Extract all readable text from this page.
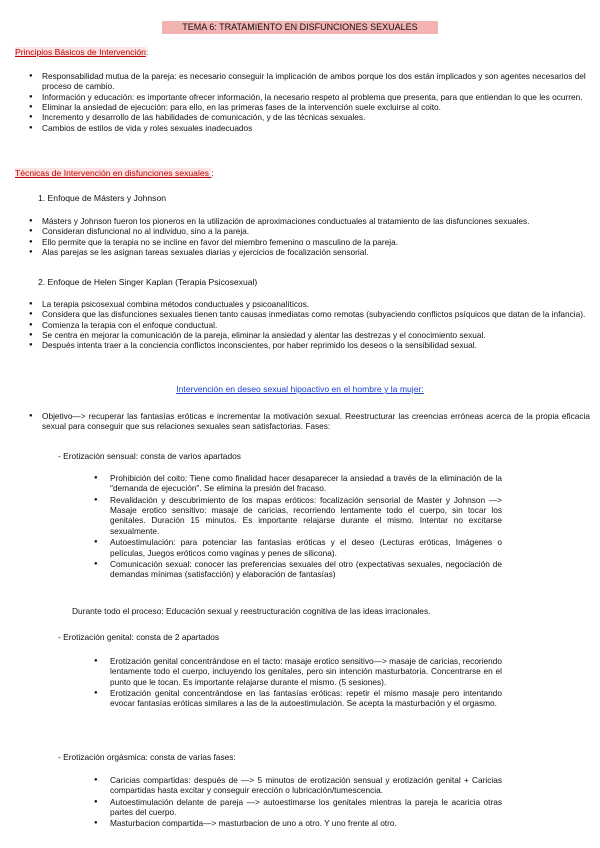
TEMA 6: TRATAMIENTO EN DISFUNCIONES SEXUALES
Principios Básicos de Intervención:
● Responsabilidad mutua de la pareja: es necesario conseguir la implicación de ambos porque los dos están implicados y son agentes necesarios del proceso de cambio.
● Información y educación: es importante ofrecer información, la necesario respeto al problema que presenta, para que entiendan lo que les ocurren.
● Eliminar la ansiedad de ejecución: para ello, en las primeras fases de la intervención suele excluirse al coito.
● Incremento y desarrollo de las habilidades de comunicación, y de las técnicas sexuales.
● Cambios de estilos de vida y roles sexuales inadecuados
Técnicas de Intervención en disfunciones sexuales :
1. Enfoque de Másters y Johnson
● Másters y Johnson fueron los pioneros en la utilización de aproximaciones conductuales al tratamiento de las disfunciones sexuales.
● Consideran disfuncional no al individuo, sino a la pareja.
● Ello permite que la terapia no se incline en favor del miembro femenino o masculino de la pareja.
● Alas parejas se les asignan tareas sexuales diarias y ejercicios de focalización sensorial.
2. Enfoque de Helen Singer Kaplan (Terapia Psicosexual)
● La terapia psicosexual combina métodos conductuales y psicoanalíticos.
● Considera que las disfunciones sexuales tienen tanto causas inmediatas como remotas (subyaciendo conflictos psíquicos que datan de la infancia).
● Comienza la terapia con el enfoque conductual.
● Se centra en mejorar la comunicación de la pareja, eliminar la ansiedad y alentar las destrezas y el conocimiento sexual.
● Después intenta traer a la conciencia conflictos inconscientes, por haber reprimido los deseos o la sensibilidad sexual.
Intervención en deseo sexual hipoactivo en el hombre y la mujer:
● Objetivo—> recuperar las fantasías eróticas e incrementar la motivación sexual. Reestructurar las creencias erróneas acerca de la propia eficacia sexual para conseguir que sus relaciones sexuales sean satisfactorias. Fases:
- Erotización sensual: consta de varios apartados
● Prohibición del coito: Tiene como finalidad hacer desaparecer la ansiedad a través de la eliminación de la "demanda de ejecución". Se elimina la presión del fracaso.
● Revalidación y descubrimiento de los mapas eróticos: focalización sensorial de Master y Johnson —> Masaje erotico sensitivo: masaje de caricias, recorriendo lentamente todo el cuerpo, sin tocar los genitales. Duración 15 minutos. Es importante relajarse durante el mismo. Intentar no excitarse sexualmente.
● Autoestimulación: para potenciar las fantasías eróticas y el deseo (Lecturas eróticas, Imágenes o películas, Juegos eróticos como vaginas y penes de silicona).
● Comunicación sexual: conocer las preferencias sexuales del otro (expectativas sexuales, negociación de demandas mínimas (satisfacción) y elaboración de fantasías)
Durante todo el proceso: Educación sexual y reestructuración cognitiva de las ideas irracionales.
- Erotización genital: consta de 2 apartados
● Erotización genital concentrándose en el tacto: masaje erotico sensitivo—> masaje de caricias, recoriendo lentamente todo el cuerpo, incluyendo los genitales, pero sin intención masturbatoria. Concentrarse en el punto que le tocan. Es importante relajarse durante el mismo. (5 sesiones).
● Erotización genital concentrándose en las fantasías eróticas: repetir el mismo masaje pero intentando evocar fantasías eróticas similares a las de la autoestimulación. Se acepta la masturbación y el orgasmo.
- Erotización orgásmica: consta de varias fases:
● Caricias compartidas: después de —> 5 minutos de erotización sensual y erotización genital + Caricias compartidas hasta excitar y conseguir erección o lubricación/tumescencia.
● Autoestimulación delante de pareja —> autoestimarse los genitales mientras la pareja le acaricia otras partes del cuerpo.
● Masturbacion compartida—> masturbacion de uno a otro. Y uno frente al otro.
